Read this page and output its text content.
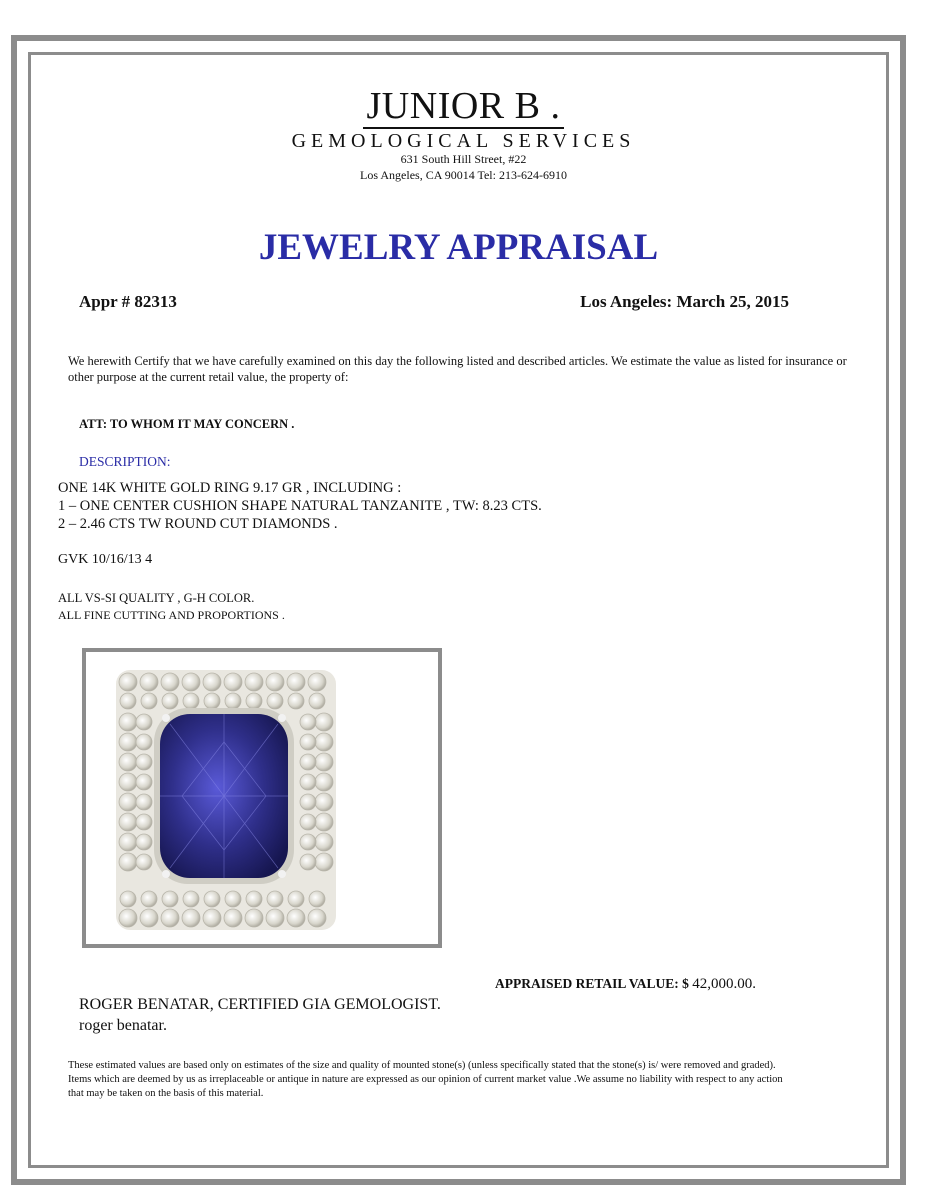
JUNIOR B .
GEMOLOGICAL SERVICES
631 South Hill Street, #22
Los Angeles, CA 90014 Tel: 213-624-6910
JEWELRY APPRAISAL
Appr # 82313	Los Angeles: March 25, 2015
We herewith Certify that we have carefully examined on this day the following listed and described articles. We estimate the value as listed for insurance or other purpose at the current retail value, the property of:
ATT: TO WHOM IT MAY CONCERN .
DESCRIPTION:
ONE 14K WHITE GOLD RING 9.17 GR , INCLUDING :
1 – ONE CENTER CUSHION SHAPE NATURAL TANZANITE , TW: 8.23 CTS.
2 – 2.46 CTS TW ROUND CUT DIAMONDS .
GVK 10/16/13 4
ALL VS-SI QUALITY , G-H COLOR.
ALL FINE CUTTING AND PROPORTIONS .
APPRAISED RETAIL VALUE: $ 42,000.00.
ROGER BENATAR, CERTIFIED GIA GEMOLOGIST.
roger benatar.
These estimated values are based only on estimates of the size and quality of mounted stone(s) (unless specifically stated that the stone(s) is/ were removed and graded). Items which are deemed by us as irreplaceable or antique in nature are expressed as our opinion of current market value .We assume no liability with respect to any action that may be taken on the basis of this material.
